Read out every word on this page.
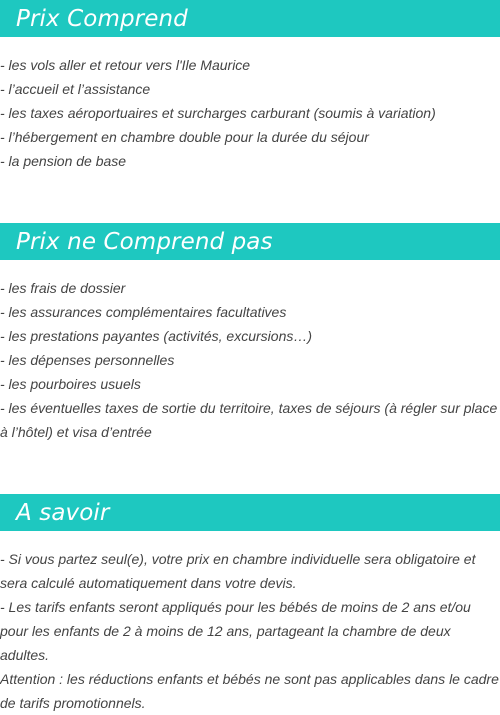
Prix Comprend
- les vols aller et retour vers l'Ile Maurice
- l’accueil et l’assistance
- les taxes aéroportuaires et surcharges carburant (soumis à variation)
- l’hébergement en chambre double pour la durée du séjour
- la pension de base
Prix ne Comprend pas
- les frais de dossier
- les assurances complémentaires facultatives
- les prestations payantes (activités, excursions…)
- les dépenses personnelles
- les pourboires usuels
- les éventuelles taxes de sortie du territoire, taxes de séjours (à régler sur place à l’hôtel) et visa d’entrée
A savoir
- Si vous partez seul(e), votre prix en chambre individuelle sera obligatoire et sera calculé automatiquement dans votre devis.
- Les tarifs enfants seront appliqués pour les bébés de moins de 2 ans et/ou pour les enfants de 2 à moins de 12 ans, partageant la chambre de deux adultes.
Attention : les réductions enfants et bébés ne sont pas applicables dans le cadre de tarifs promotionnels.
